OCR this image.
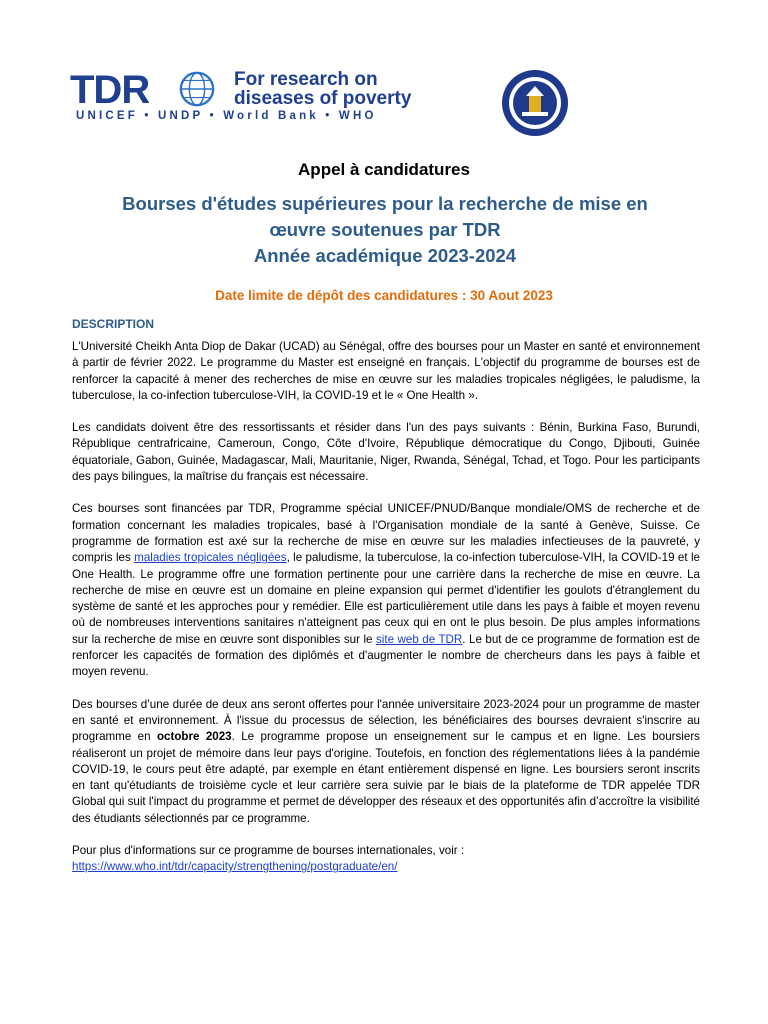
TDR	For research on
diseases of poverty
UNICEF • UNDP • World Bank • WHO
Appel à candidatures
Bourses d'études supérieures pour la recherche de mise en
œuvre soutenues par TDR
Année académique 2023-2024
Date limite de dépôt des candidatures : 30 Aout 2023
DESCRIPTION

L'Université Cheikh Anta Diop de Dakar (UCAD) au Sénégal, offre des bourses pour un Master en santé et environnement à partir de février 2022. Le programme du Master est enseigné en français. L'objectif du programme de bourses est de renforcer la capacité à mener des recherches de mise en œuvre sur les maladies tropicales négligées, le paludisme, la tuberculose, la co-infection tuberculose-VIH, la COVID-19 et le « One Health ».

Les candidats doivent être des ressortissants et résider dans l'un des pays suivants : Bénin, Burkina Faso, Burundi, République centrafricaine, Cameroun, Congo, Côte d'Ivoire, République démocratique du Congo, Djibouti, Guinée équatoriale, Gabon, Guinée, Madagascar, Mali, Mauritanie, Niger, Rwanda, Sénégal, Tchad, et Togo. Pour les participants des pays bilingues, la maîtrise du français est nécessaire.

Ces bourses sont financées par TDR, Programme spécial UNICEF/PNUD/Banque mondiale/OMS de recherche et de formation concernant les maladies tropicales, basé à l'Organisation mondiale de la santé à Genève, Suisse. Ce programme de formation est axé sur la recherche de mise en œuvre sur les maladies infectieuses de la pauvreté, y compris les maladies tropicales négligées, le paludisme, la tuberculose, la co-infection tuberculose-VIH, la COVID-19 et le One Health. Le programme offre une formation pertinente pour une carrière dans la recherche de mise en œuvre. La recherche de mise en œuvre est un domaine en pleine expansion qui permet d'identifier les goulots d'étranglement du système de santé et les approches pour y remédier. Elle est particulièrement utile dans les pays à faible et moyen revenu où de nombreuses interventions sanitaires n'atteignent pas ceux qui en ont le plus besoin. De plus amples informations sur la recherche de mise en œuvre sont disponibles sur le site web de TDR. Le but de ce programme de formation est de renforcer les capacités de formation des diplômés et d'augmenter le nombre de chercheurs dans les pays à faible et moyen revenu.

Des bourses d’une durée de deux ans seront offertes pour l'année universitaire 2023-2024 pour un programme de master en santé et environnement. À l'issue du processus de sélection, les bénéficiaires des bourses devraient s'inscrire au programme en octobre 2023. Le programme propose un enseignement sur le campus et en ligne. Les boursiers réaliseront un projet de mémoire dans leur pays d'origine. Toutefois, en fonction des réglementations liées à la pandémie COVID-19, le cours peut être adapté, par exemple en étant entièrement dispensé en ligne. Les boursiers seront inscrits en tant qu'étudiants de troisième cycle et leur carrière sera suivie par le biais de la plateforme de TDR appelée TDR Global qui suit l'impact du programme et permet de développer des réseaux et des opportunités afin d’accroître la visibilité des étudiants sélectionnés par ce programme.

Pour plus d'informations sur ce programme de bourses internationales, voir :

https://www.who.int/tdr/capacity/strengthening/postgraduate/en/
